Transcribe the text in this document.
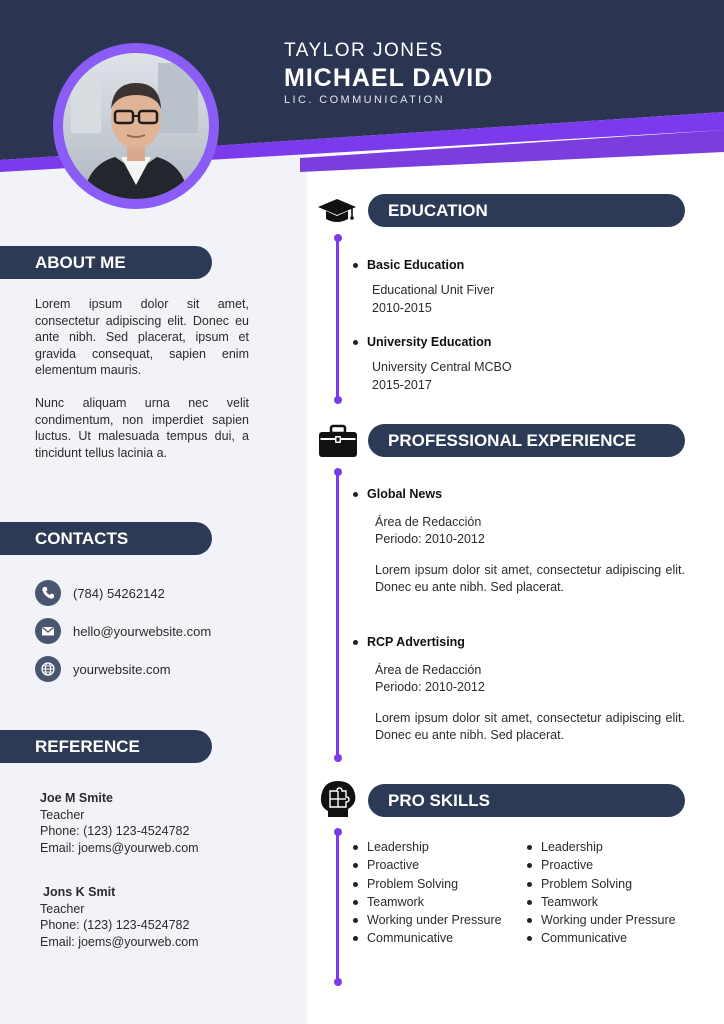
TAYLOR JONES
MICHAEL DAVID
LIC. COMMUNICATION
ABOUT ME

Lorem ipsum dolor sit amet, consectetur adipiscing elit. Donec eu ante nibh. Sed placerat, ipsum et gravida consequat, sapien enim elementum mauris.

Nunc aliquam urna nec velit condimentum, non imperdiet sapien luctus. Ut malesuada tempus dui, a tincidunt tellus lacinia a.

CONTACTS
(784) 54262142
hello@yourwebsite.com
yourwebsite.com
REFERENCE
Joe M Smite
Teacher
Phone: (123) 123-4524782
Email: joems@yourweb.com
Jons K Smit
Teacher
Phone: (123) 123-4524782
Email: joems@yourweb.com
EDUCATION
Basic Education
Educational Unit Fiver
2010-2015
University Education
University Central MCBO
2015-2017
PROFESSIONAL EXPERIENCE
Global News
Área de Redacción
Periodo: 2010-2012

Lorem ipsum dolor sit amet, consectetur adipiscing elit. Donec eu ante nibh. Sed placerat.

RCP Advertising
Área de Redacción
Periodo: 2010-2012

Lorem ipsum dolor sit amet, consectetur adipiscing elit. Donec eu ante nibh. Sed placerat.

PRO SKILLS
Leadership
Proactive
Problem Solving
Teamwork
Working under Pressure
Communicative
Leadership
Proactive
Problem Solving
Teamwork
Working under Pressure
Communicative
